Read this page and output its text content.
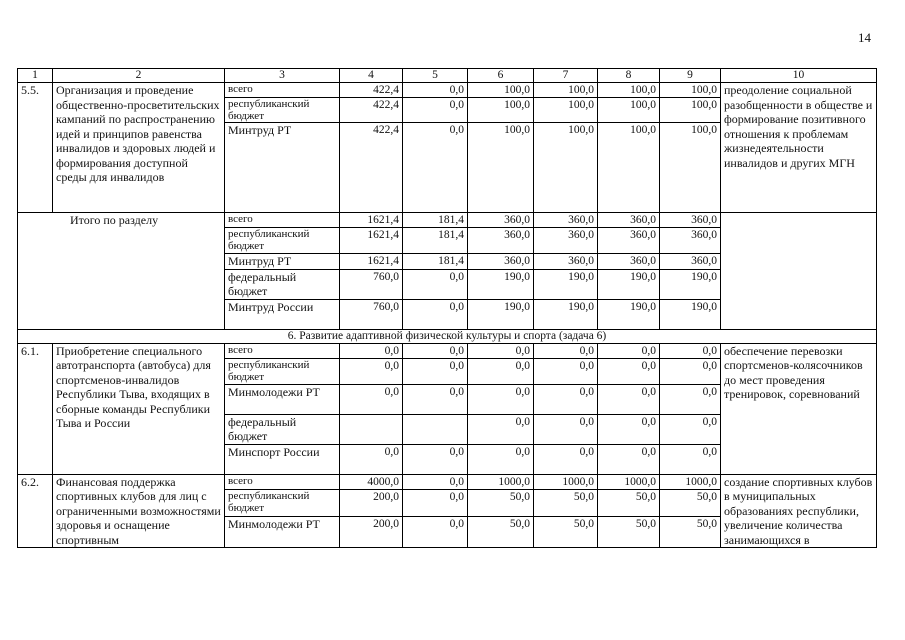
14
1	2	3	4	5	6	7	8	9	10
5.5.	Организация и проведение общественно-просветительских кампаний по распространению идей и принципов равенства инвалидов и здоровых людей и формирования доступной среды для инвалидов	всего	422,4	0,0	100,0	100,0	100,0	100,0	преодоление социальной разобщенности в обществе и формирование позитивного отношения к проблемам жизнедеятельности инвалидов и других МГН
		республиканский бюджет	422,4	0,0	100,0	100,0	100,0	100,0	
		Минтруд РТ	422,4	0,0	100,0	100,0	100,0	100,0	
Итого по разделу		всего	1621,4	181,4	360,0	360,0	360,0	360,0	
		республиканский бюджет	1621,4	181,4	360,0	360,0	360,0	360,0	
		Минтруд РТ	1621,4	181,4	360,0	360,0	360,0	360,0	
		федеральный бюджет	760,0	0,0	190,0	190,0	190,0	190,0	
		Минтруд России	760,0	0,0	190,0	190,0	190,0	190,0	
6. Развитие адаптивной физической культуры и спорта (задача 6)									
6.1.	Приобретение специального автотранспорта (автобуса) для спортсменов-инвалидов Республики Тыва, входящих в сборные команды Республики Тыва и России	всего	0,0	0,0	0,0	0,0	0,0	0,0	обеспечение перевозки спортсменов-колясочников до мест проведения тренировок, соревнований
		республиканский бюджет	0,0	0,0	0,0	0,0	0,0	0,0	
		Минмолодежи РТ	0,0	0,0	0,0	0,0	0,0	0,0	
		федеральный бюджет			0,0	0,0	0,0	0,0	
		Минспорт России	0,0	0,0	0,0	0,0	0,0	0,0	
6.2.	Финансовая поддержка спортивных клубов для лиц с ограниченными возможностями здоровья и оснащение спортивным	всего	4000,0	0,0	1000,0	1000,0	1000,0	1000,0	создание спортивных клубов в муниципальных образованиях республики, увеличение количества занимающихся в
		республиканский бюджет	200,0	0,0	50,0	50,0	50,0	50,0	
		Минмолодежи РТ	200,0	0,0	50,0	50,0	50,0	50,0	
